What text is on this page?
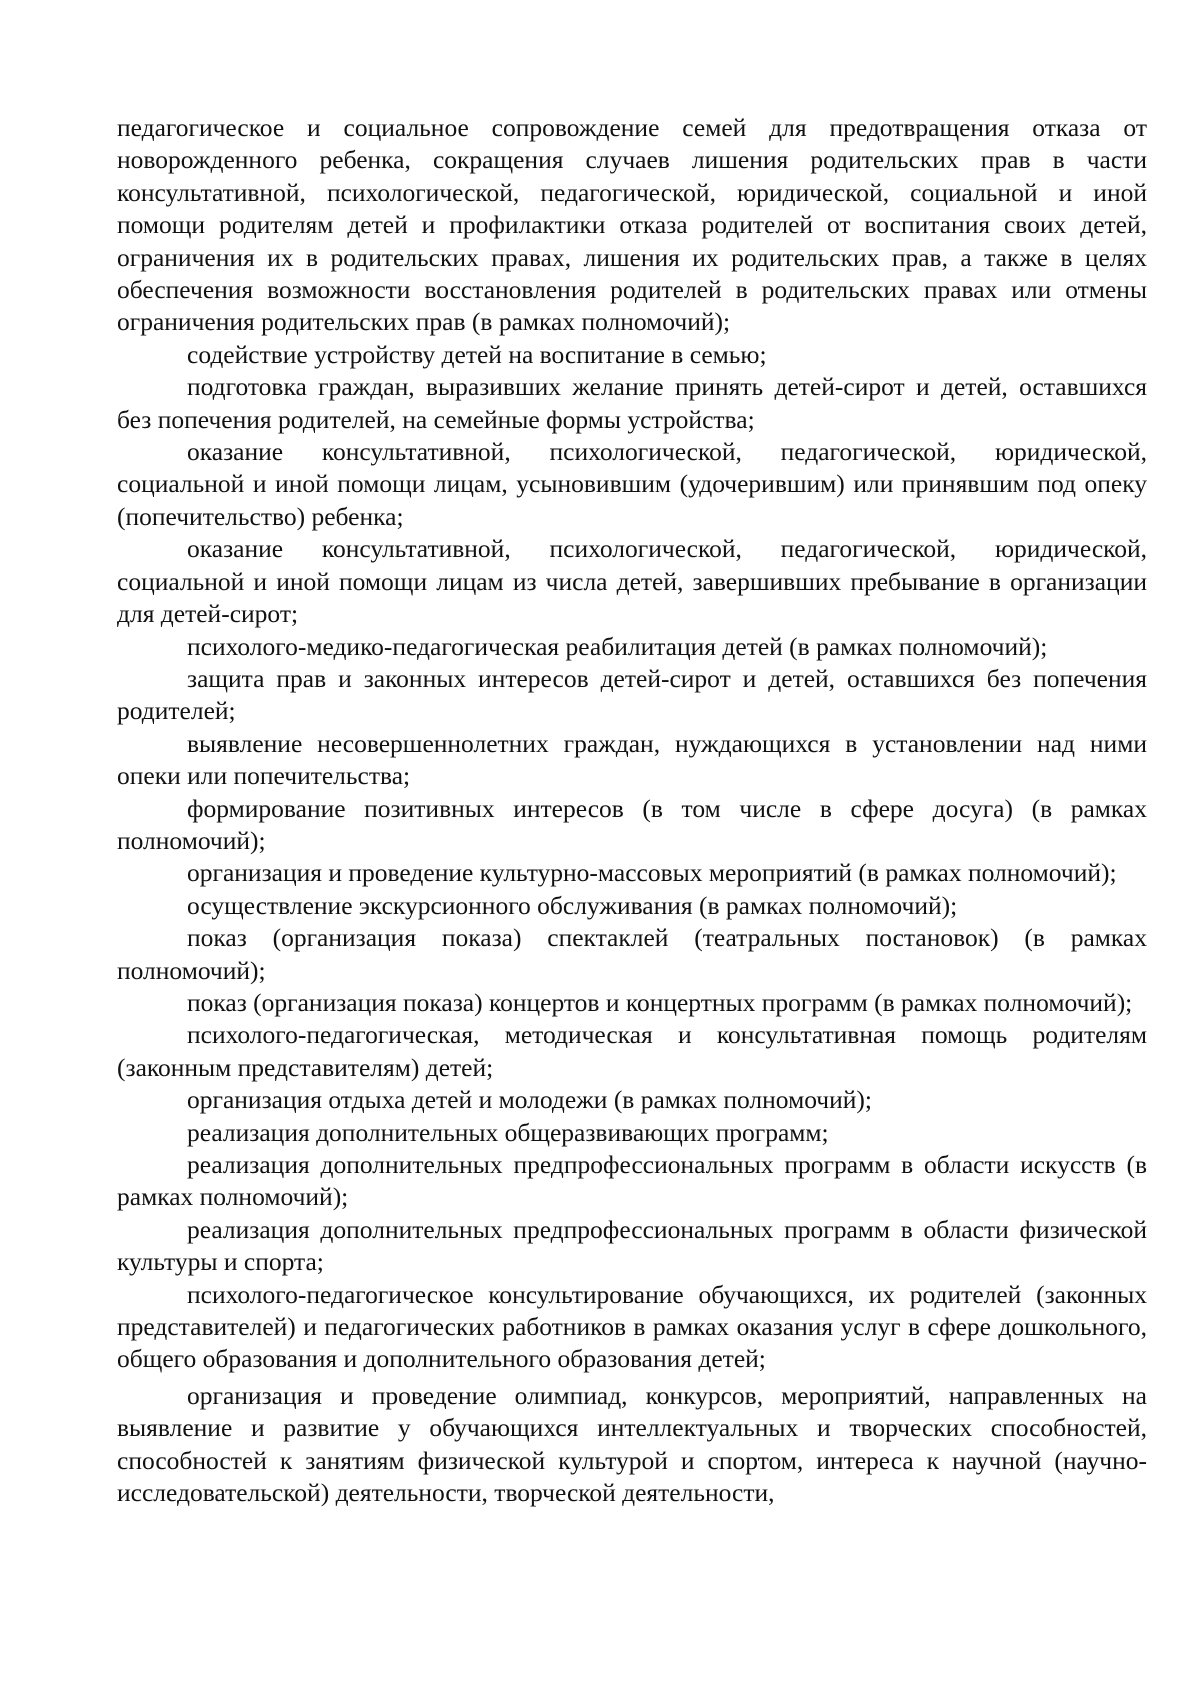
педагогическое и социальное сопровождение семей для предотвращения отказа от новорожденного ребенка, сокращения случаев лишения родительских прав в части консультативной, психологической, педагогической, юридической, социальной и иной помощи родителям детей и профилактики отказа родителей от воспитания своих детей, ограничения их в родительских правах, лишения их родительских прав, а также в целях обеспечения возможности восстановления родителей в родительских правах или отмены ограничения родительских прав (в рамках полномочий);

содействие устройству детей на воспитание в семью;

подготовка граждан, выразивших желание принять детей-сирот и детей, оставшихся без попечения родителей, на семейные формы устройства;

оказание консультативной, психологической, педагогической, юридической, социальной и иной помощи лицам, усыновившим (удочерившим) или принявшим под опеку (попечительство) ребенка;

оказание консультативной, психологической, педагогической, юридической, социальной и иной помощи лицам из числа детей, завершивших пребывание в организации для детей-сирот;

психолого-медико-педагогическая реабилитация детей (в рамках полномочий);

защита прав и законных интересов детей-сирот и детей, оставшихся без попечения родителей;

выявление несовершеннолетних граждан, нуждающихся в установлении над ними опеки или попечительства;

формирование позитивных интересов (в том числе в сфере досуга) (в рамках полномочий);

организация и проведение культурно-массовых мероприятий (в рамках полномочий);

осуществление экскурсионного обслуживания (в рамках полномочий);

показ (организация показа) спектаклей (театральных постановок) (в рамках полномочий);

показ (организация показа) концертов и концертных программ (в рамках полномочий);

психолого-педагогическая, методическая и консультативная помощь родителям (законным представителям) детей;

организация отдыха детей и молодежи (в рамках полномочий);

реализация дополнительных общеразвивающих программ;

реализация дополнительных предпрофессиональных программ в области искусств (в рамках полномочий);

реализация дополнительных предпрофессиональных программ в области физической культуры и спорта;

психолого-педагогическое консультирование обучающихся, их родителей (законных представителей) и педагогических работников в рамках оказания услуг в сфере дошкольного, общего образования и дополнительного образования детей;

организация и проведение олимпиад, конкурсов, мероприятий, направленных на выявление и развитие у обучающихся интеллектуальных и творческих способностей, способностей к занятиям физической культурой и спортом, интереса к научной (научно-исследовательской) деятельности, творческой деятельности,
